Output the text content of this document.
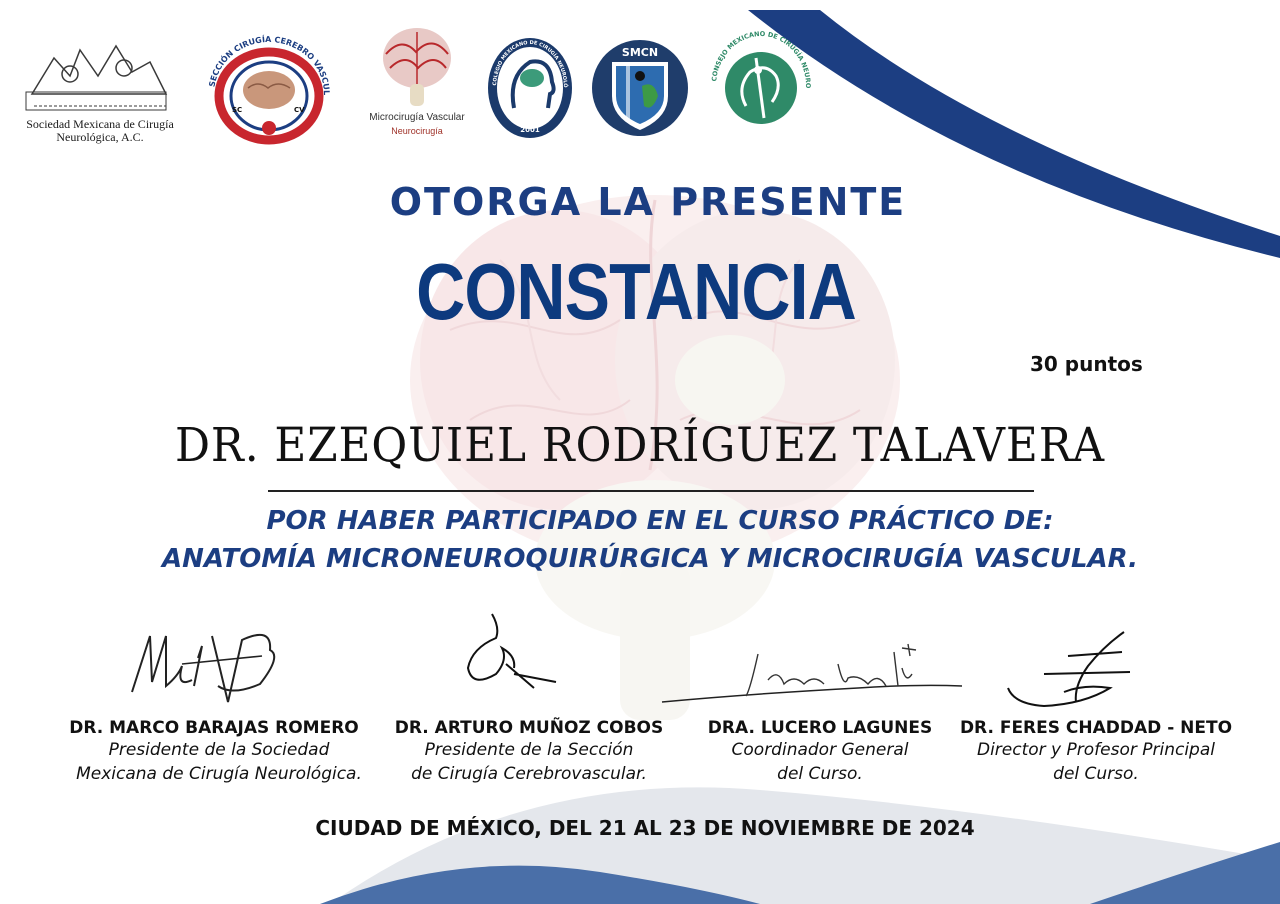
Sociedad Mexicana de Cirugía Neurológica, A.C.
SECCIÓN CIRUGÍA CEREBRO VASCUL
SC	CV
Microcirugía Vascular
Neurocirugía
COLEGIO MEXICANO DE CIRUGÍA NEUROLÓ
2001
SMCN
CONSEJO MEXICANO DE CIRUGÍA NEURO
OTORGA LA PRESENTE
CONSTANCIA
30 puntos
DR. EZEQUIEL RODRÍGUEZ TALAVERA
POR HABER PARTICIPADO EN EL CURSO PRÁCTICO DE:
ANATOMÍA MICRONEUROQUIRÚRGICA Y MICROCIRUGÍA VASCULAR.
DR. MARCO BARAJAS ROMERO
Presidente de la Sociedad
Mexicana de Cirugía Neurológica.
DR. ARTURO MUÑOZ COBOS
Presidente de la Sección
de Cirugía Cerebrovascular.
DRA. LUCERO LAGUNES
Coordinador General
del Curso.
DR. FERES CHADDAD - NETO
Director y Profesor Principal
del Curso.
CIUDAD DE MÉXICO, DEL 21 AL 23 DE NOVIEMBRE DE 2024
